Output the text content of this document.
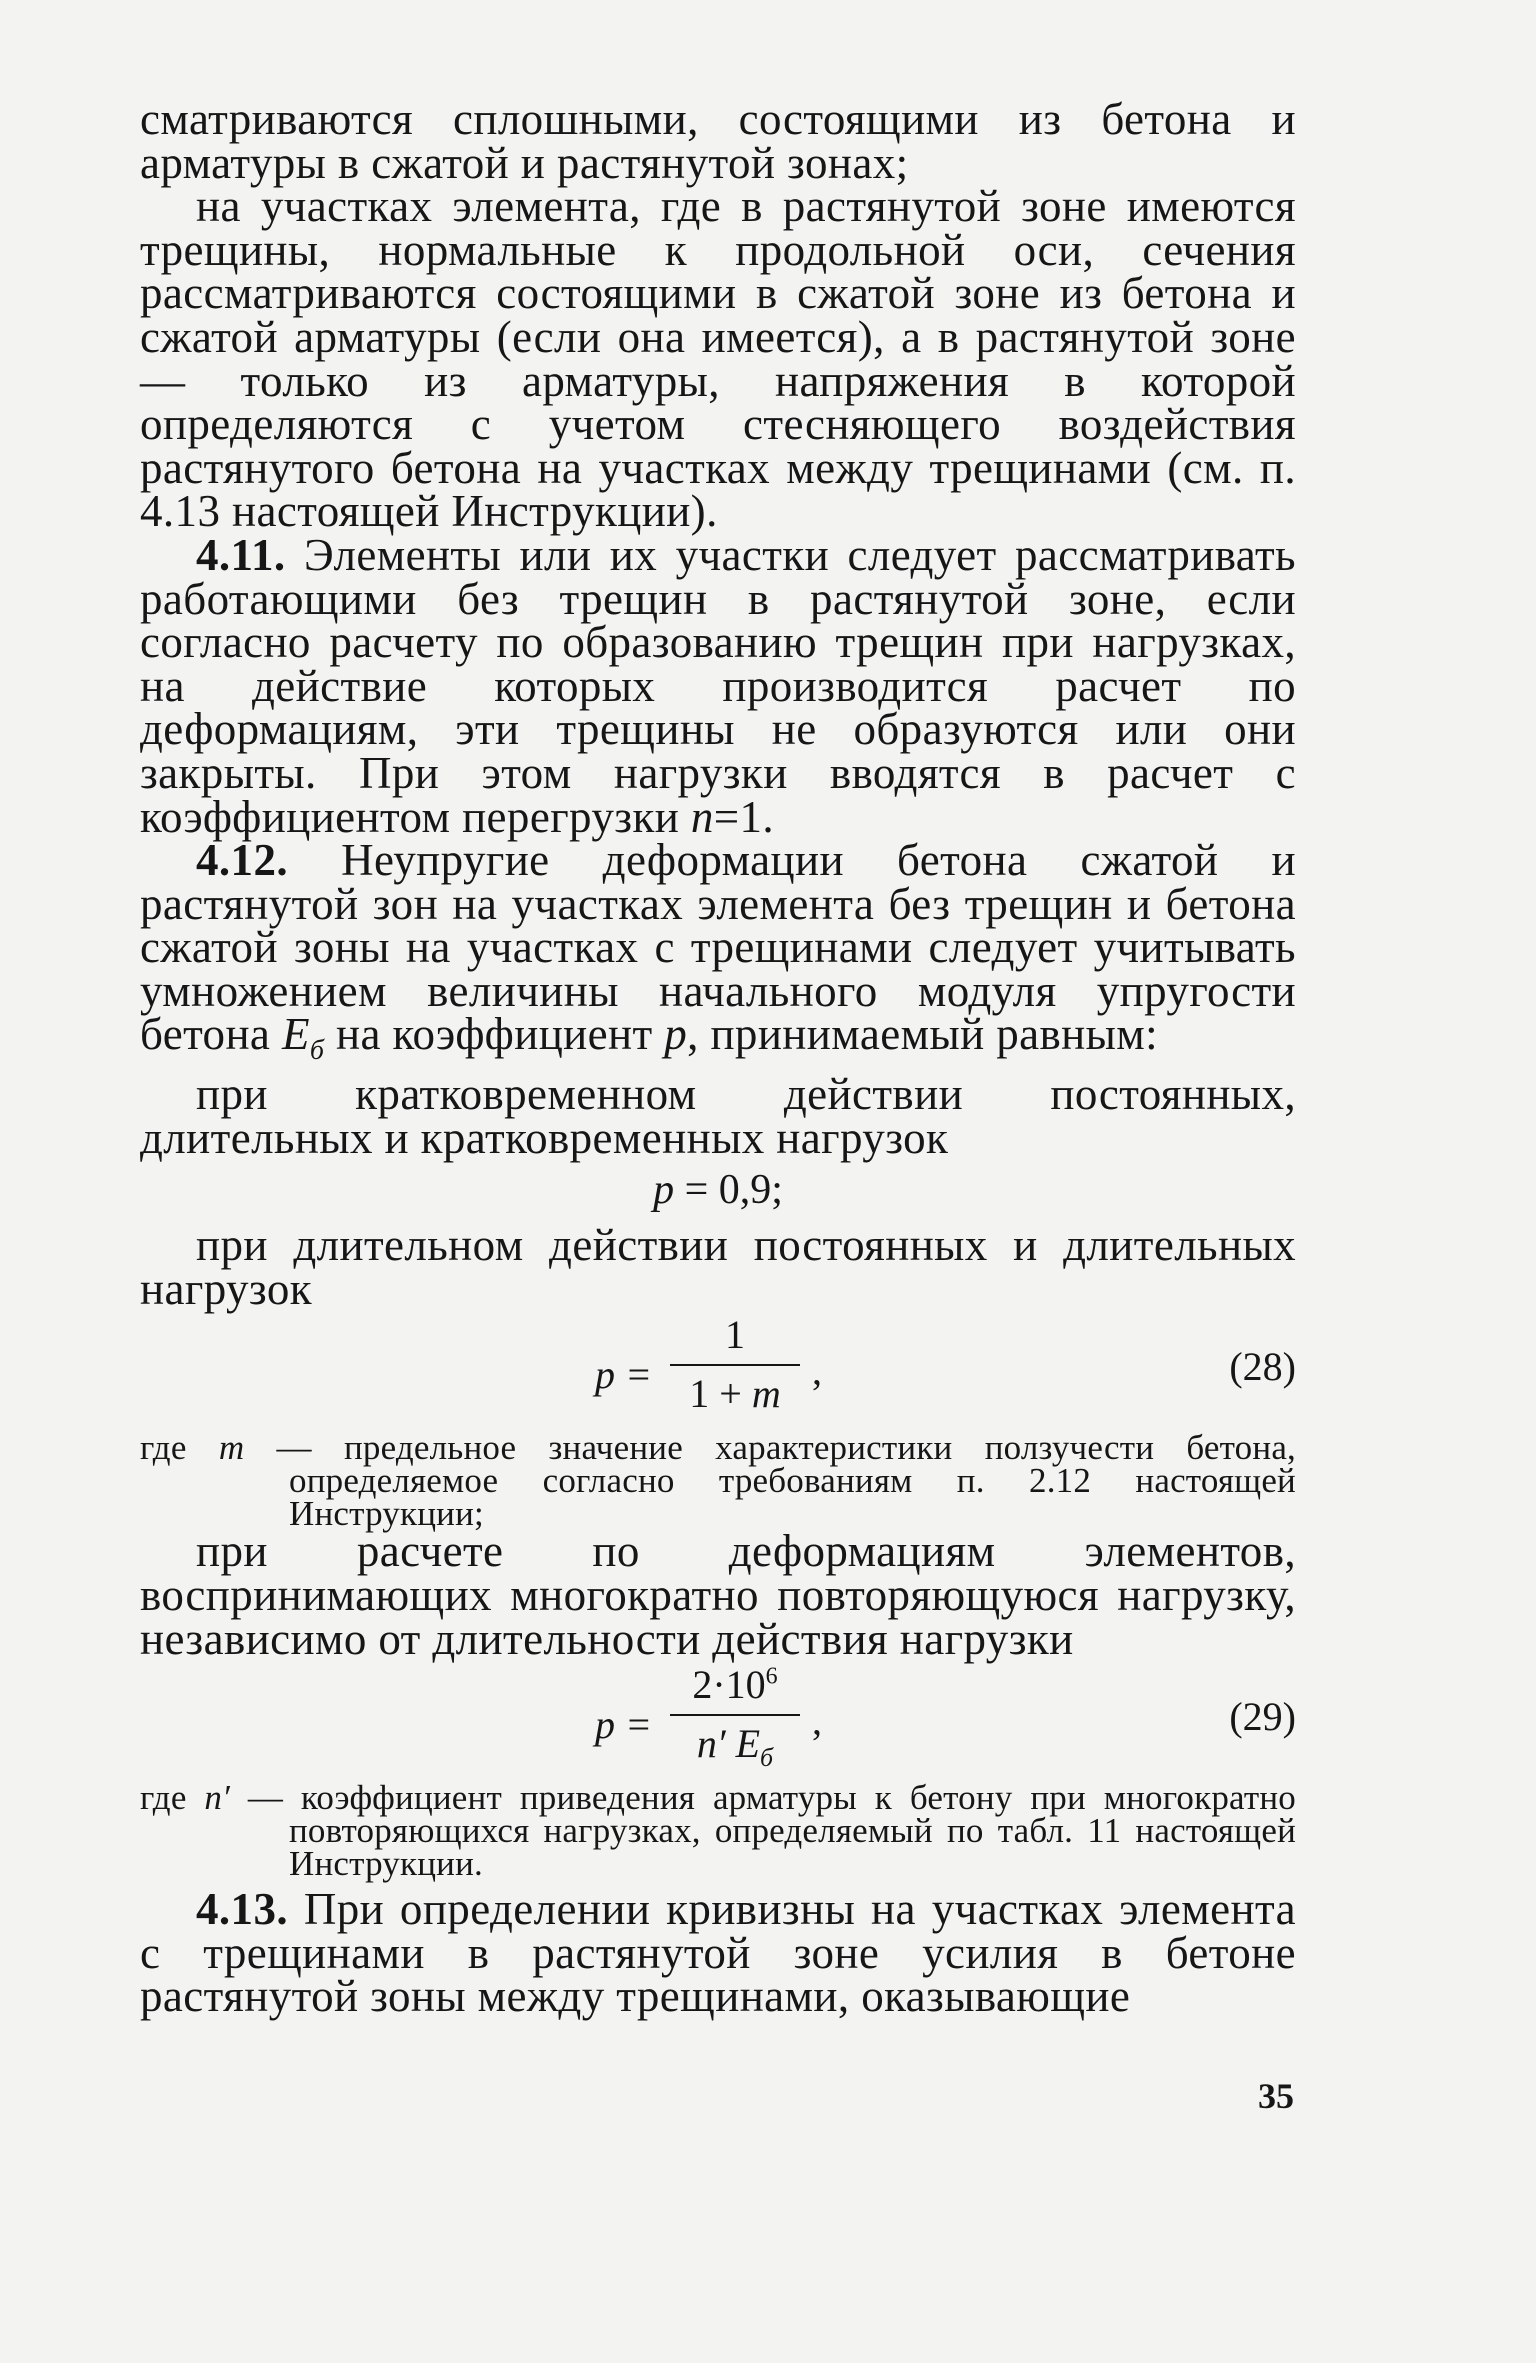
сматриваются сплошными, состоящими из бетона и арматуры в сжатой и растянутой зонах;

на участках элемента, где в растянутой зоне имеются трещины, нормальные к продольной оси, сечения рассматриваются состоящими в сжатой зоне из бетона и сжатой арматуры (если она имеется), а в растянутой зоне — только из арматуры, напряжения в которой определяются с учетом стесняющего воздействия растянутого бетона на участках между трещинами (см. п. 4.13 настоящей Инструкции).

4.11. Элементы или их участки следует рассматривать работающими без трещин в растянутой зоне, если согласно расчету по образованию трещин при нагрузках, на действие которых производится расчет по деформациям, эти трещины не образуются или они закрыты. При этом нагрузки вводятся в расчет с коэффициентом перегрузки n=1.

4.12. Неупругие деформации бетона сжатой и растянутой зон на участках элемента без трещин и бетона сжатой зоны на участках с трещинами следует учитывать умножением величины начального модуля упругости бетона $E_б$ на коэффициент p, принимаемый равным:

при кратковременном действии постоянных, длительных и кратковременных нагрузок

p = 0,9;

при длительном действии постоянных и длительных нагрузок

p =
1
1 + m
,	(28)

где m — предельное значение характеристики ползучести бетона, определяемое согласно требованиям п. 2.12 настоящей Инструкции;

при расчете по деформациям элементов, воспринимающих многократно повторяющуюся нагрузку, независимо от длительности действия нагрузки

p =
$2\cdot 10^6$
n′ $E_б$
,	(29)

где n′ — коэффициент приведения арматуры к бетону при многократно повторяющихся нагрузках, определяемый по табл. 11 настоящей Инструкции.

4.13. При определении кривизны на участках элемента с трещинами в растянутой зоне усилия в бетоне растянутой зоны между трещинами, оказывающие

35
